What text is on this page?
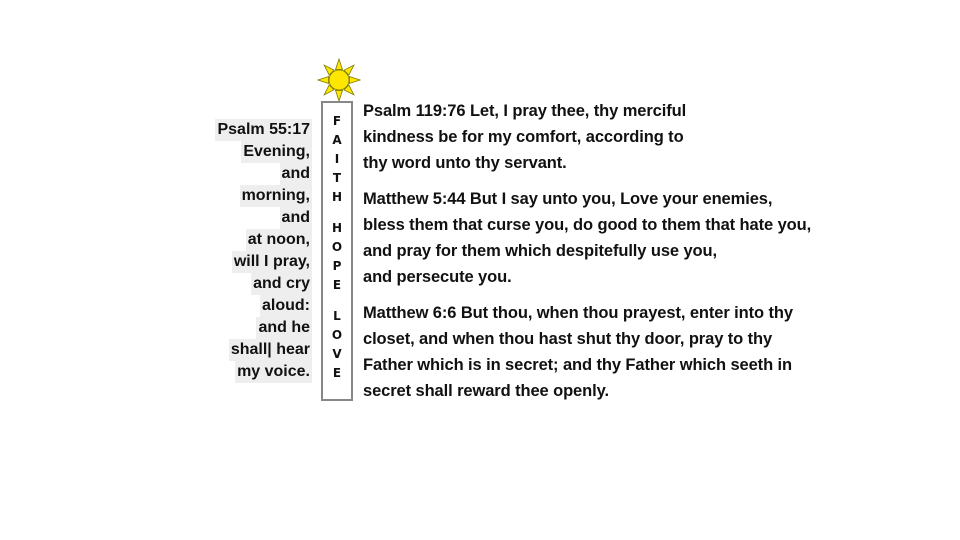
Psalm 55:17
Evening,
and
morning,
and
at noon,
will I pray,
and cry
aloud:
and he
shall| hear
my voice.
F
A
I
T
H
H
O
P
E
L
O
V
E
Psalm 119:76 Let, I pray thee, thy merciful
kindness be for my comfort, according to
thy word unto thy servant.
Matthew 5:44 But I say unto you, Love your enemies,
bless them that curse you, do good to them that hate you,
and pray for them which despitefully use you,
and persecute you.
Matthew 6:6 But thou, when thou prayest, enter into thy
closet, and when thou hast shut thy door, pray to thy
Father which is in secret; and thy Father which seeth in
secret shall reward thee openly.
